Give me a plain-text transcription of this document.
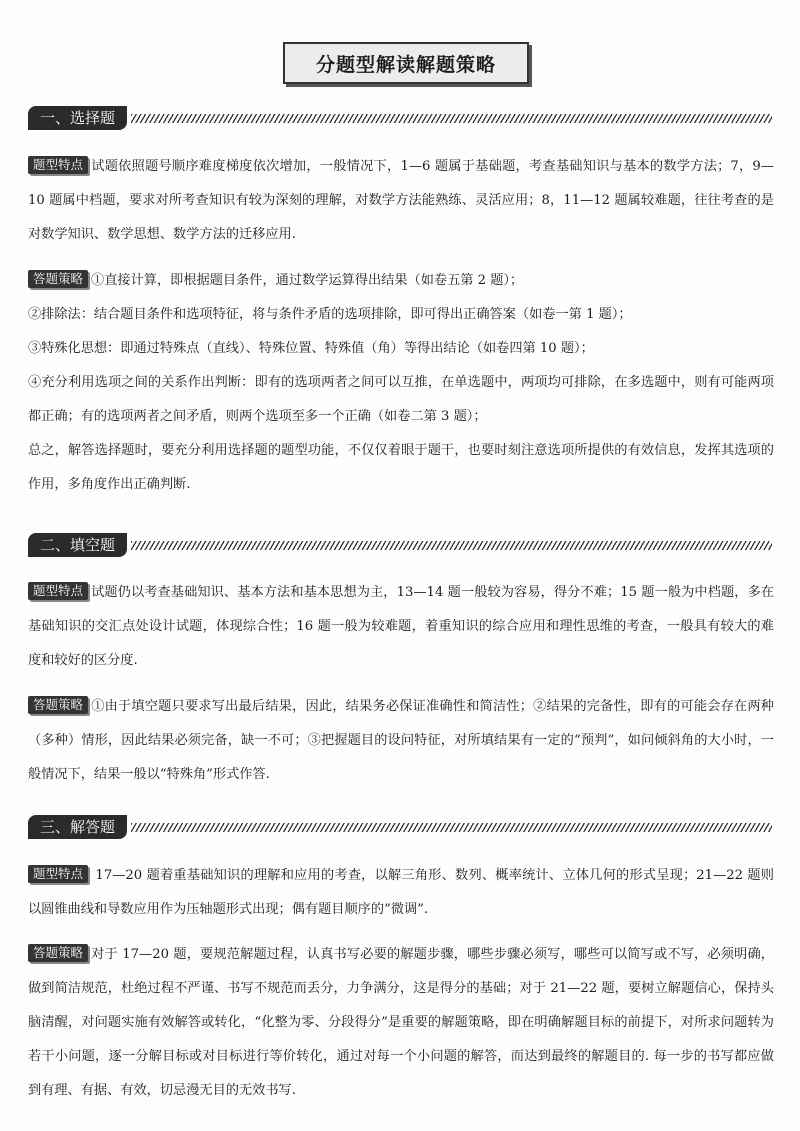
分题型解读解题策略
一、选择题
题型特点 试题依照题号顺序难度梯度依次增加，一般情况下，1—6 题属于基础题，考查基础知识与基本的数学方法；7，9—10 题属中档题，要求对所考查知识有较为深刻的理解，对数学方法能熟练、灵活应用；8，11—12 题属较难题，往往考查的是对数学知识、数学思想、数学方法的迁移应用.
答题策略 ①直接计算，即根据题目条件，通过数学运算得出结果（如卷五第 2 题）；
②排除法：结合题目条件和选项特征，将与条件矛盾的选项排除，即可得出正确答案（如卷一第 1 题）；
③特殊化思想：即通过特殊点（直线）、特殊位置、特殊值（角）等得出结论（如卷四第 10 题）；
④充分利用选项之间的关系作出判断：即有的选项两者之间可以互推，在单选题中，两项均可排除，在多选题中，则有可能两项都正确；有的选项两者之间矛盾，则两个选项至多一个正确（如卷二第 3 题）；
总之，解答选择题时，要充分利用选择题的题型功能，不仅仅着眼于题干，也要时刻注意选项所提供的有效信息，发挥其选项的作用，多角度作出正确判断.
二、填空题
题型特点 试题仍以考查基础知识、基本方法和基本思想为主，13—14 题一般较为容易，得分不难；15 题一般为中档题，多在基础知识的交汇点处设计试题，体现综合性；16 题一般为较难题，着重知识的综合应用和理性思维的考查，一般具有较大的难度和较好的区分度.
答题策略 ①由于填空题只要求写出最后结果，因此，结果务必保证准确性和简洁性；②结果的完备性，即有的可能会存在两种（多种）情形，因此结果必须完备，缺一不可；③把握题目的设问特征，对所填结果有一定的“预判”，如问倾斜角的大小时，一般情况下，结果一般以“特殊角”形式作答.
三、解答题
题型特点 17—20 题着重基础知识的理解和应用的考查，以解三角形、数列、概率统计、立体几何的形式呈现；21—22 题则以圆锥曲线和导数应用作为压轴题形式出现；偶有题目顺序的“微调”.
答题策略 对于 17—20 题，要规范解题过程，认真书写必要的解题步骤，哪些步骤必须写，哪些可以简写或不写，必须明确，做到简洁规范，杜绝过程不严谨、书写不规范而丢分，力争满分，这是得分的基础；对于 21—22 题，要树立解题信心，保持头脑清醒，对问题实施有效解答或转化，“化整为零、分段得分”是重要的解题策略，即在明确解题目标的前提下，对所求问题转为若干小问题，逐一分解目标或对目标进行等价转化，通过对每一个小问题的解答，而达到最终的解题目的. 每一步的书写都应做到有理、有据、有效，切忌漫无目的无效书写.
